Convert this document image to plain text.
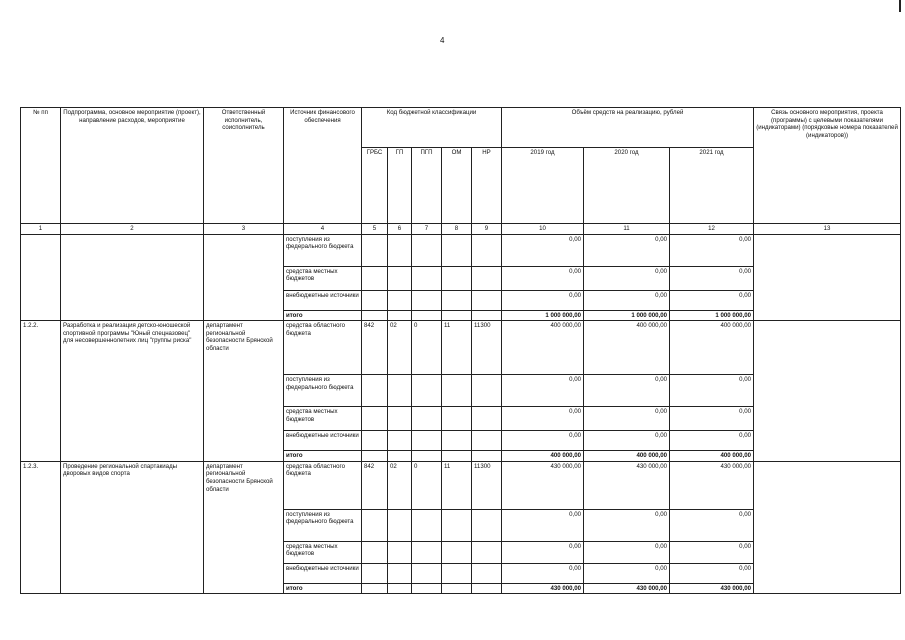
4
№ пп	Подпрограмма, основное мероприятие (проект), направление расходов, мероприятие	Ответственный исполнитель, соисполнитель	Источник финансового обеспечения	Код бюджетной классификации					Объём средств на реализацию, рублей			Связь основного мероприятия, проекта (программы) с целевыми показателями (индикаторами) (порядковые номера показателей (индикаторов))
				ГРБС	ГП	ПГП	ОМ	НР	2019 год	2020 год	2021 год	
1	2	3	4	5	6	7	8	9	10	11	12	13
			поступления из федерального бюджета						0,00	0,00	0,00	
			средства местных бюджетов						0,00	0,00	0,00	
			внебюджетные источники						0,00	0,00	0,00	
			итого						1 000 000,00	1 000 000,00	1 000 000,00	
1.2.2.	Разработка и реализация детско-юношеской спортивной программы "Юный спецназовец" для несовершеннолетних лиц "группы риска"	департамент региональной безопасности Брянской области	средства областного бюджета	842	02	0	11	11300	400 000,00	400 000,00	400 000,00	
			поступления из федерального бюджета						0,00	0,00	0,00	
			средства местных бюджетов						0,00	0,00	0,00	
			внебюджетные источники						0,00	0,00	0,00	
			итого						400 000,00	400 000,00	400 000,00	
1.2.3.	Проведение региональной спартакиады дворовых видов спорта	департамент региональной безопасности Брянской области	средства областного бюджета	842	02	0	11	11300	430 000,00	430 000,00	430 000,00	
			поступления из федерального бюджета						0,00	0,00	0,00	
			средства местных бюджетов						0,00	0,00	0,00	
			внебюджетные источники						0,00	0,00	0,00	
			итого						430 000,00	430 000,00	430 000,00	
